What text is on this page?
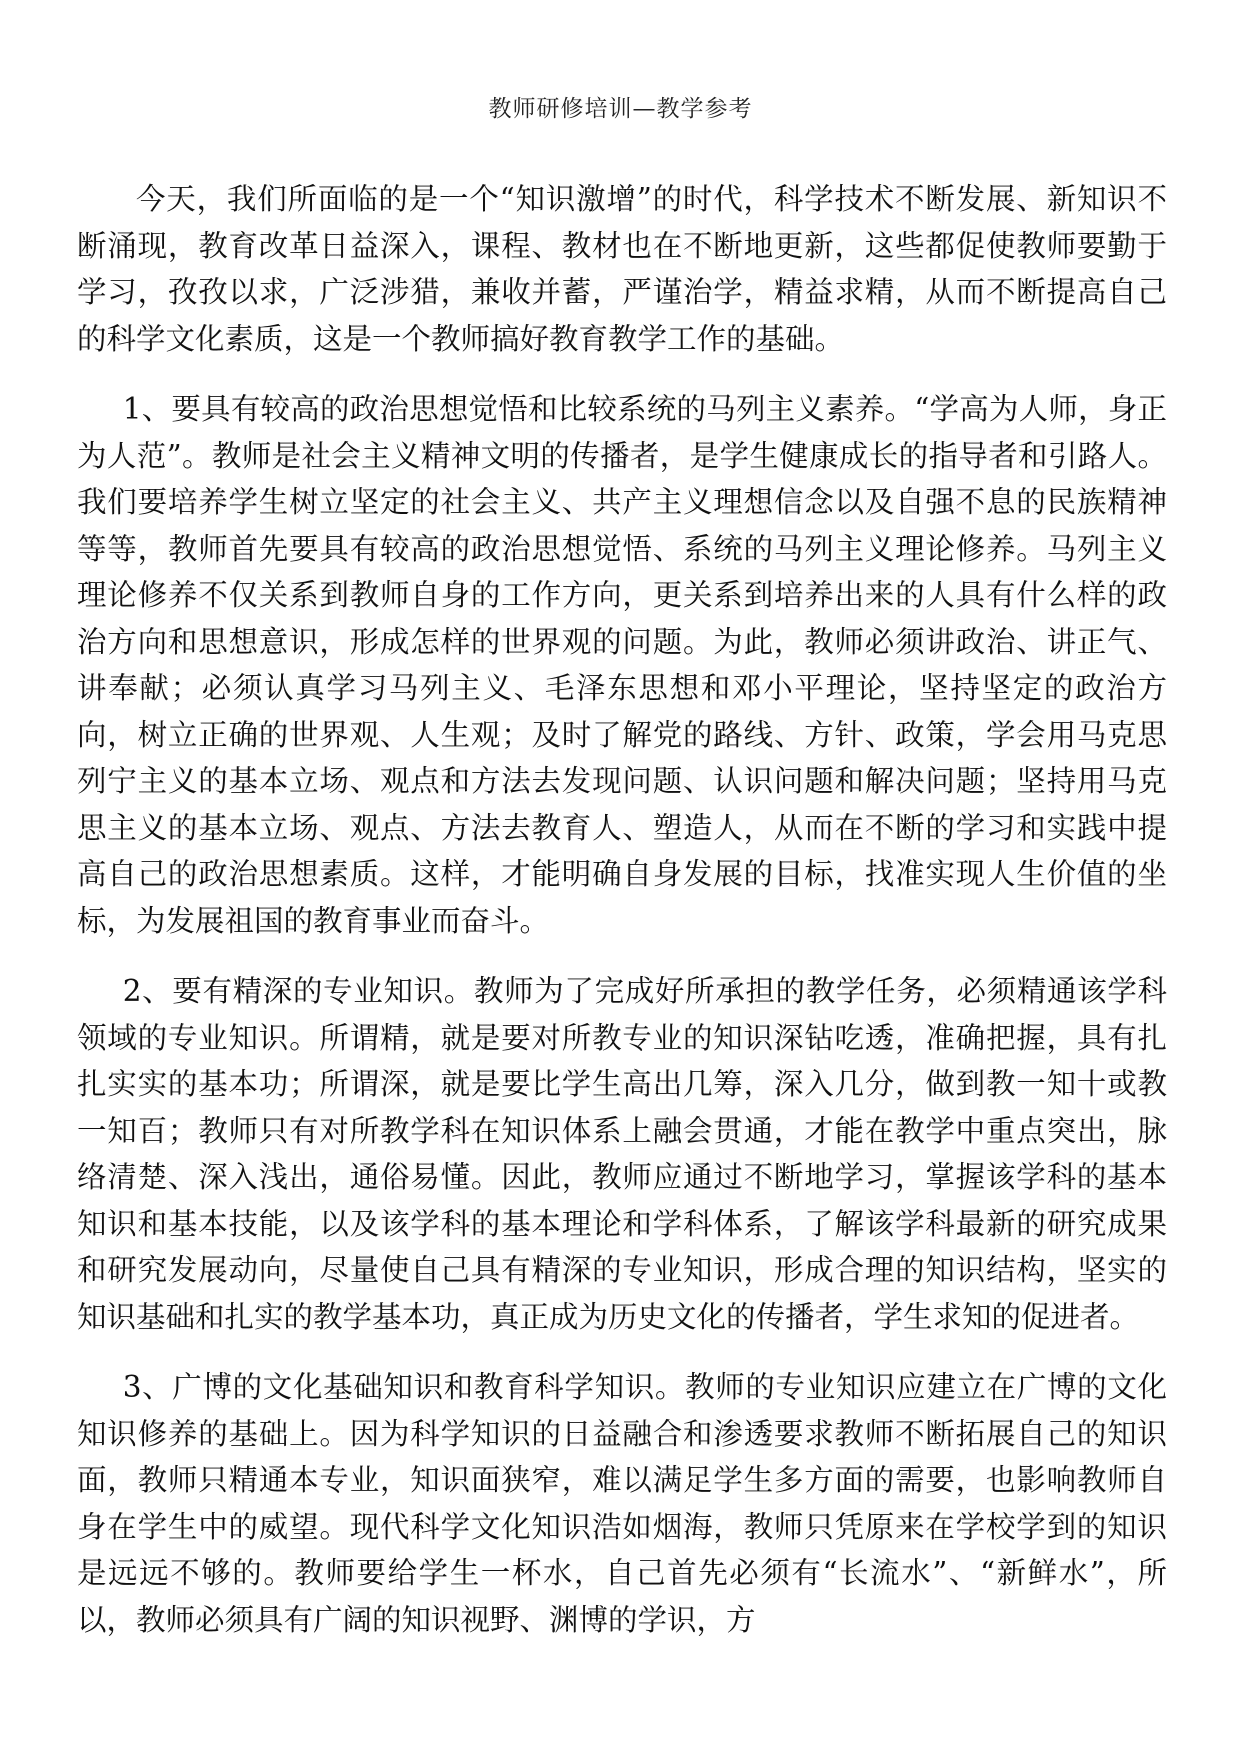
教师研修培训—教学参考

今天，我们所面临的是一个“知识激增”的时代，科学技术不断发展、新知识不断涌现，教育改革日益深入，课程、教材也在不断地更新，这些都促使教师要勤于学习，孜孜以求，广泛涉猎，兼收并蓄，严谨治学，精益求精，从而不断提高自己的科学文化素质，这是一个教师搞好教育教学工作的基础。

1、要具有较高的政治思想觉悟和比较系统的马列主义素养。“学高为人师，身正为人范”。教师是社会主义精神文明的传播者，是学生健康成长的指导者和引路人。我们要培养学生树立坚定的社会主义、共产主义理想信念以及自强不息的民族精神等等，教师首先要具有较高的政治思想觉悟、系统的马列主义理论修养。马列主义理论修养不仅关系到教师自身的工作方向，更关系到培养出来的人具有什么样的政治方向和思想意识，形成怎样的世界观的问题。为此，教师必须讲政治、讲正气、讲奉献；必须认真学习马列主义、毛泽东思想和邓小平理论，坚持坚定的政治方向，树立正确的世界观、人生观；及时了解党的路线、方针、政策，学会用马克思列宁主义的基本立场、观点和方法去发现问题、认识问题和解决问题；坚持用马克思主义的基本立场、观点、方法去教育人、塑造人，从而在不断的学习和实践中提高自己的政治思想素质。这样，才能明确自身发展的目标，找准实现人生价值的坐标，为发展祖国的教育事业而奋斗。

2、要有精深的专业知识。教师为了完成好所承担的教学任务，必须精通该学科领域的专业知识。所谓精，就是要对所教专业的知识深钻吃透，准确把握，具有扎扎实实的基本功；所谓深，就是要比学生高出几筹，深入几分，做到教一知十或教一知百；教师只有对所教学科在知识体系上融会贯通，才能在教学中重点突出，脉络清楚、深入浅出，通俗易懂。因此，教师应通过不断地学习，掌握该学科的基本知识和基本技能，以及该学科的基本理论和学科体系，了解该学科最新的研究成果和研究发展动向，尽量使自己具有精深的专业知识，形成合理的知识结构，坚实的知识基础和扎实的教学基本功，真正成为历史文化的传播者，学生求知的促进者。

3、广博的文化基础知识和教育科学知识。教师的专业知识应建立在广博的文化知识修养的基础上。因为科学知识的日益融合和渗透要求教师不断拓展自己的知识面，教师只精通本专业，知识面狭窄，难以满足学生多方面的需要，也影响教师自身在学生中的威望。现代科学文化知识浩如烟海，教师只凭原来在学校学到的知识是远远不够的。教师要给学生一杯水，自己首先必须有“长流水”、“新鲜水”，所以，教师必须具有广阔的知识视野、渊博的学识，方
